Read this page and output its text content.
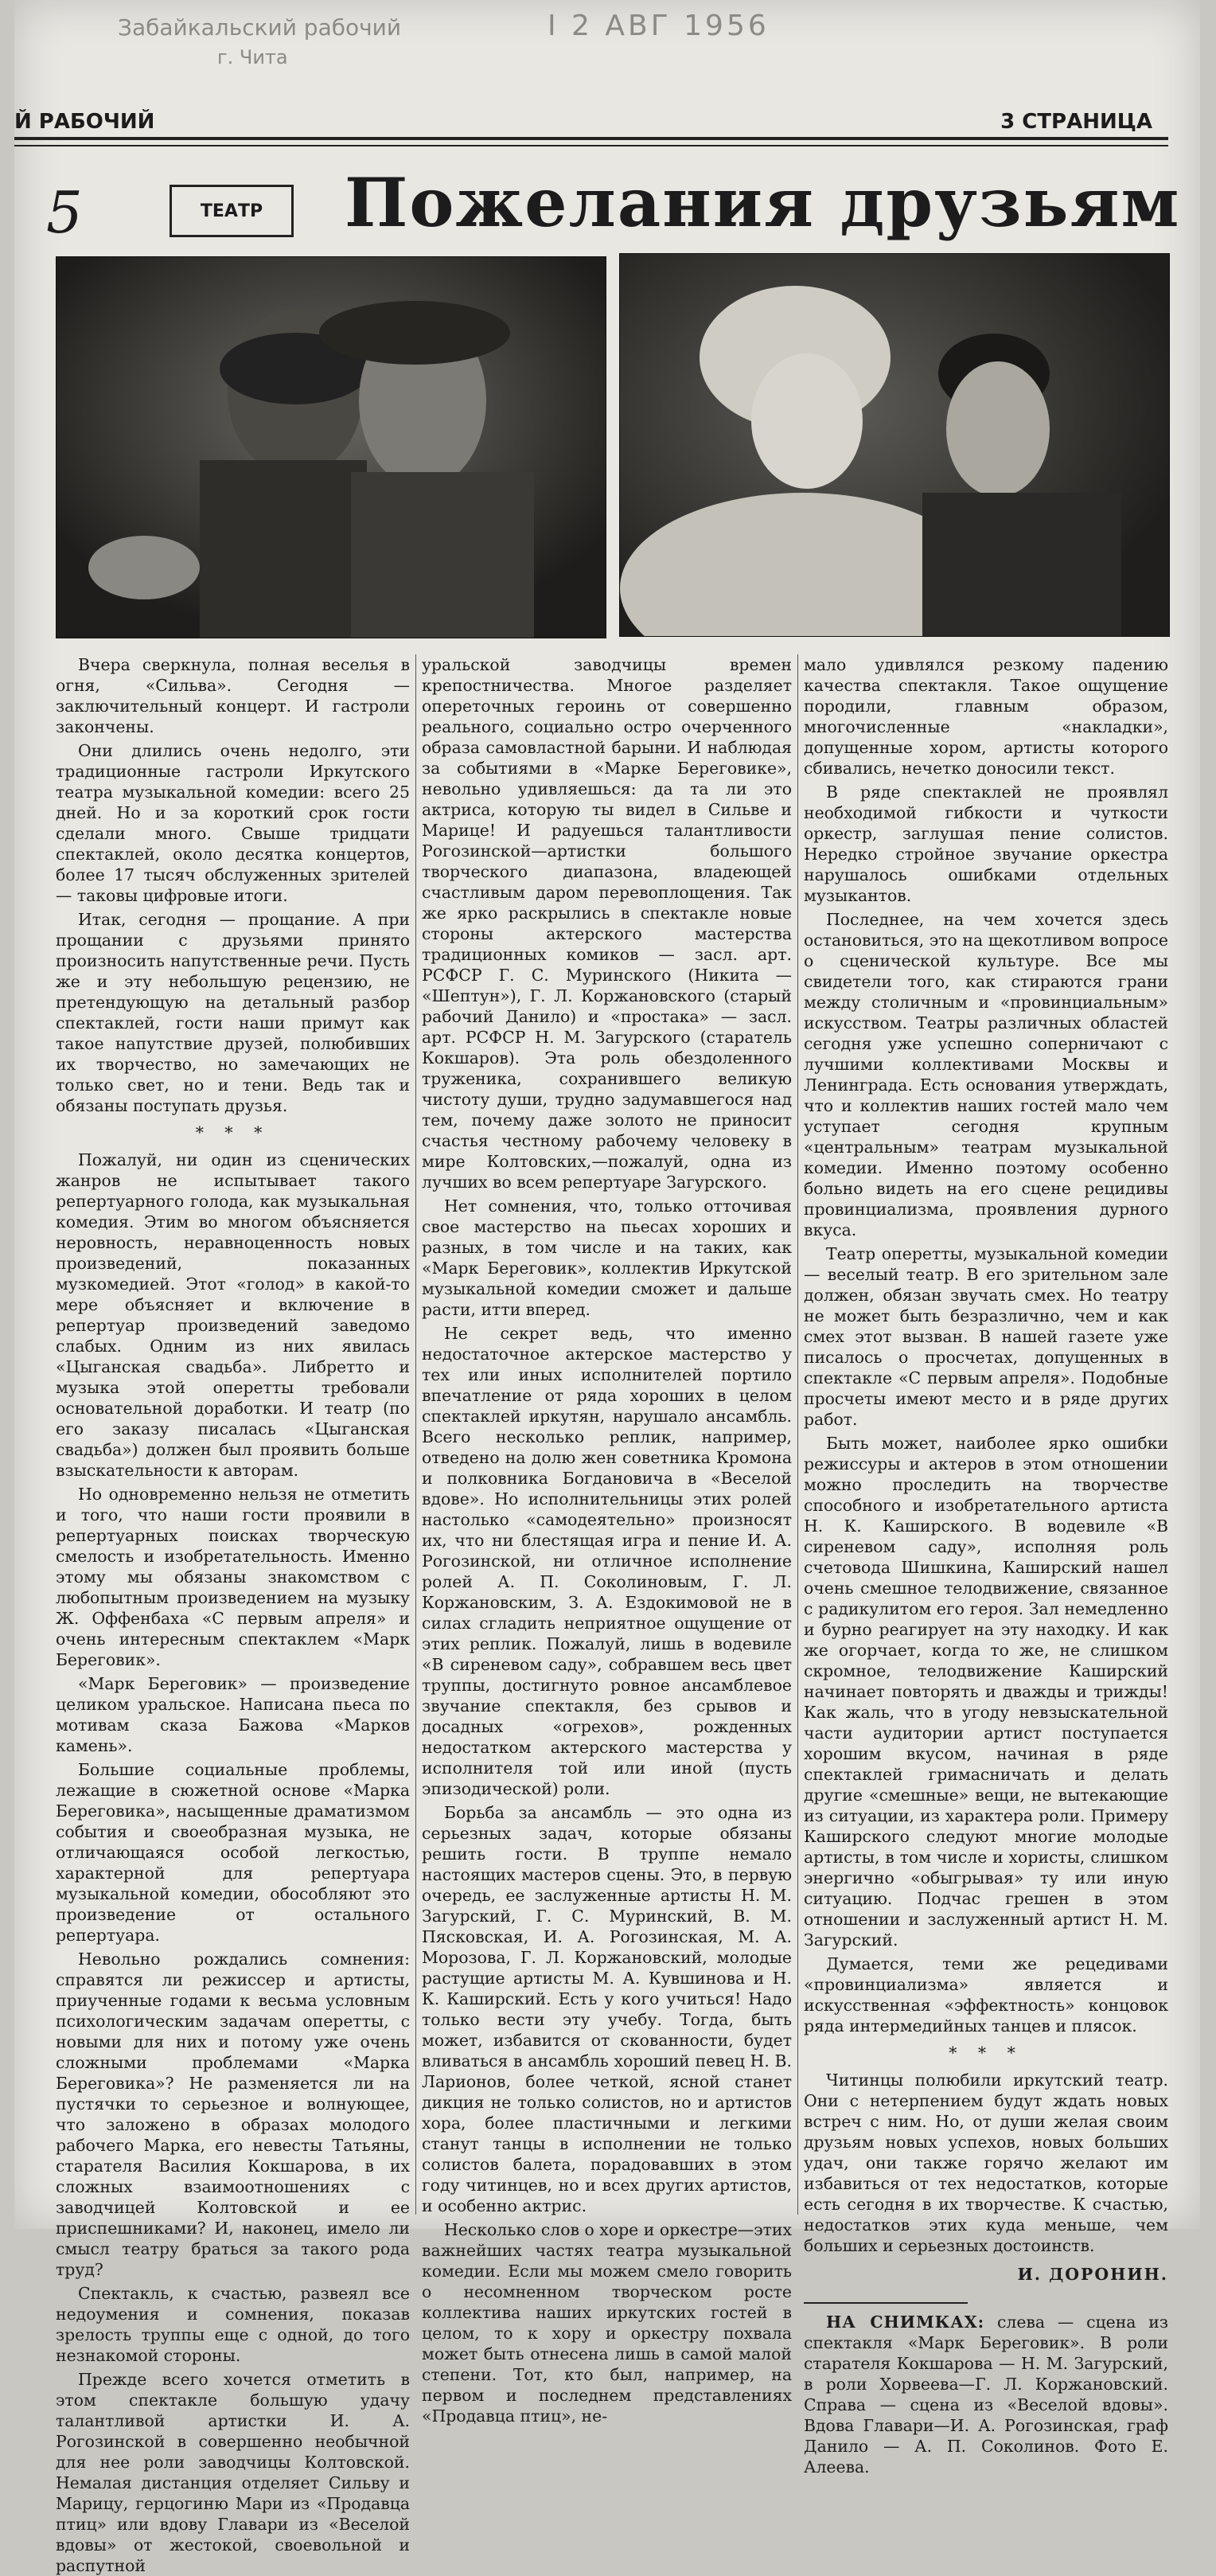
Забайкальский рабочий
г. Чита
I 2 АВГ 1956
Й РАБОЧИЙ	3 СТРАНИЦА
5	ТЕАТР	Пожелания друзьям

Вчера сверкнула, полная веселья в огня, «Сильва». Сегодня — заключительный концерт. И гастроли закончены.

Они длились очень недолго, эти традиционные гастроли Иркутского театра музыкальной комедии: всего 25 дней. Но и за короткий срок гости сделали много. Свыше тридцати спектаклей, около десятка концертов, более 17 тысяч обслуженных зрителей — таковы цифровые итоги.

Итак, сегодня — прощание. А при прощании с друзьями принято произносить напутственные речи. Пусть же и эту небольшую рецензию, не претендующую на детальный разбор спектаклей, гости наши примут как такое напутствие друзей, полюбивших их творчество, но замечающих не только свет, но и тени. Ведь так и обязаны поступать друзья.

* * *

Пожалуй, ни один из сценических жанров не испытывает такого репертуарного голода, как музыкальная комедия. Этим во многом объясняется неровность, неравноценность новых произведений, показанных музкомедией. Этот «голод» в какой-то мере объясняет и включение в репертуар произведений заведомо слабых. Одним из них явилась «Цыганская свадьба». Либретто и музыка этой оперетты требовали основательной доработки. И театр (по его заказу писалась «Цыганская свадьба») должен был проявить больше взыскательности к авторам.

Но одновременно нельзя не отметить и того, что наши гости проявили в репертуарных поисках творческую смелость и изобретательность. Именно этому мы обязаны знакомством с любопытным произведением на музыку Ж. Оффенбаха «С первым апреля» и очень интересным спектаклем «Марк Береговик».

«Марк Береговик» — произведение целиком уральское. Написана пьеса по мотивам сказа Бажова «Марков камень».

Большие социальные проблемы, лежащие в сюжетной основе «Марка Береговика», насыщенные драматизмом события и своеобразная музыка, не отличающаяся особой легкостью, характерной для репертуара музыкальной комедии, обособляют это произведение от остального репертуара.

Невольно рождались сомнения: справятся ли режиссер и артисты, приученные годами к весьма условным психологическим задачам оперетты, с новыми для них и потому уже очень сложными проблемами «Марка Береговика»? Не разменяется ли на пустячки то серьезное и волнующее, что заложено в образах молодого рабочего Марка, его невесты Татьяны, старателя Василия Кокшарова, в их сложных взаимоотношениях с заводчицей Колтовской и ее приспешниками? И, наконец, имело ли смысл театру браться за такого рода труд?

Спектакль, к счастью, развеял все недоумения и сомнения, показав зрелость труппы еще с одной, до того незнакомой стороны.

Прежде всего хочется отметить в этом спектакле большую удачу талантливой артистки И. А. Рогозинской в совершенно необычной для нее роли заводчицы Колтовской. Немалая дистанция отделяет Сильву и Марицу, герцогиню Мари из «Продавца птиц» или вдову Главари из «Веселой вдовы» от жестокой, своевольной и распутной

уральской заводчицы времен крепостничества. Многое разделяет опереточных героинь от совершенно реального, социально остро очерченного образа самовластной барыни. И наблюдая за событиями в «Марке Береговике», невольно удивляешься: да та ли это актриса, которую ты видел в Сильве и Марице! И радуешься талантливости Рогозинской—артистки большого творческого диапазона, владеющей счастливым даром перевоплощения. Так же ярко раскрылись в спектакле новые стороны актерского мастерства традиционных комиков — засл. арт. РСФСР Г. С. Муринского (Никита — «Шептун»), Г. Л. Коржановского (старый рабочий Данило) и «простака» — засл. арт. РСФСР Н. М. Загурского (старатель Кокшаров). Эта роль обездоленного труженика, сохранившего великую чистоту души, трудно задумавшегося над тем, почему даже золото не приносит счастья честному рабочему человеку в мире Колтовских,—пожалуй, одна из лучших во всем репертуаре Загурского.

Нет сомнения, что, только отточивая свое мастерство на пьесах хороших и разных, в том числе и на таких, как «Марк Береговик», коллектив Иркутской музыкальной комедии сможет и дальше расти, итти вперед.

Не секрет ведь, что именно недостаточное актерское мастерство у тех или иных исполнителей портило впечатление от ряда хороших в целом спектаклей иркутян, нарушало ансамбль. Всего несколько реплик, например, отведено на долю жен советника Кромона и полковника Богдановича в «Веселой вдове». Но исполнительницы этих ролей настолько «самодеятельно» произносят их, что ни блестящая игра и пение И. А. Рогозинской, ни отличное исполнение ролей А. П. Соколиновым, Г. Л. Коржановским, З. А. Ездокимовой не в силах сгладить неприятное ощущение от этих реплик. Пожалуй, лишь в водевиле «В сиреневом саду», собравшем весь цвет труппы, достигнуто ровное ансамблевое звучание спектакля, без срывов и досадных «огрехов», рожденных недостатком актерского мастерства у исполнителя той или иной (пусть эпизодической) роли.

Борьба за ансамбль — это одна из серьезных задач, которые обязаны решить гости. В труппе немало настоящих мастеров сцены. Это, в первую очередь, ее заслуженные артисты Н. М. Загурский, Г. С. Муринский, В. М. Пясковская, И. А. Рогозинская, М. А. Морозова, Г. Л. Коржановский, молодые растущие артисты М. А. Кувшинова и Н. К. Каширский. Есть у кого учиться! Надо только вести эту учебу. Тогда, быть может, избавится от скованности, будет вливаться в ансамбль хороший певец Н. В. Ларионов, более четкой, ясной станет дикция не только солистов, но и артистов хора, более пластичными и легкими станут танцы в исполнении не только солистов балета, порадовавших в этом году читинцев, но и всех других артистов, и особенно актрис.

Несколько слов о хоре и оркестре—этих важнейших частях театра музыкальной комедии. Если мы можем смело говорить о несомненном творческом росте коллектива наших иркутских гостей в целом, то к хору и оркестру похвала может быть отнесена лишь в самой малой степени. Тот, кто был, например, на первом и последнем представлениях «Продавца птиц», не-

мало удивлялся резкому падению качества спектакля. Такое ощущение породили, главным образом, многочисленные «накладки», допущенные хором, артисты которого сбивались, нечетко доносили текст.

В ряде спектаклей не проявлял необходимой гибкости и чуткости оркестр, заглушая пение солистов. Нередко стройное звучание оркестра нарушалось ошибками отдельных музыкантов.

Последнее, на чем хочется здесь остановиться, это на щекотливом вопросе о сценической культуре. Все мы свидетели того, как стираются грани между столичным и «провинциальным» искусством. Театры различных областей сегодня уже успешно соперничают с лучшими коллективами Москвы и Ленинграда. Есть основания утверждать, что и коллектив наших гостей мало чем уступает сегодня крупным «центральным» театрам музыкальной комедии. Именно поэтому особенно больно видеть на его сцене рецидивы провинциализма, проявления дурного вкуса.

Театр оперетты, музыкальной комедии — веселый театр. В его зрительном зале должен, обязан звучать смех. Но театру не может быть безразлично, чем и как смех этот вызван. В нашей газете уже писалось о просчетах, допущенных в спектакле «С первым апреля». Подобные просчеты имеют место и в ряде других работ.

Быть может, наиболее ярко ошибки режиссуры и актеров в этом отношении можно проследить на творчестве способного и изобретательного артиста Н. К. Каширского. В водевиле «В сиреневом саду», исполняя роль счетовода Шишкина, Каширский нашел очень смешное телодвижение, связанное с радикулитом его героя. Зал немедленно и бурно реагирует на эту находку. И как же огорчает, когда то же, не слишком скромное, телодвижение Каширский начинает повторять и дважды и трижды! Как жаль, что в угоду невзыскательной части аудитории артист поступается хорошим вкусом, начиная в ряде спектаклей гримасничать и делать другие «смешные» вещи, не вытекающие из ситуации, из характера роли. Примеру Каширского следуют многие молодые артисты, в том числе и хористы, слишком энергично «обыгрывая» ту или иную ситуацию. Подчас грешен в этом отношении и заслуженный артист Н. М. Загурский.

Думается, теми же рецедивами «провинциализма» является и искусственная «эффектность» концовок ряда интермедийных танцев и плясок.

* * *

Читинцы полюбили иркутский театр. Они с нетерпением будут ждать новых встреч с ним. Но, от души желая своим друзьям новых успехов, новых больших удач, они также горячо желают им избавиться от тех недостатков, которые есть сегодня в их творчестве. К счастью, недостатков этих куда меньше, чем больших и серьезных достоинств.

И. ДОРОНИН.

НА СНИМКАХ: слева — сцена из спектакля «Марк Береговик». В роли старателя Кокшарова — Н. М. Загурский, в роли Хорвеева—Г. Л. Коржановский. Справа — сцена из «Веселой вдовы». Вдова Главари—И. А. Рогозинская, граф Данило — А. П. Соколинов. Фото Е. Алеева.
